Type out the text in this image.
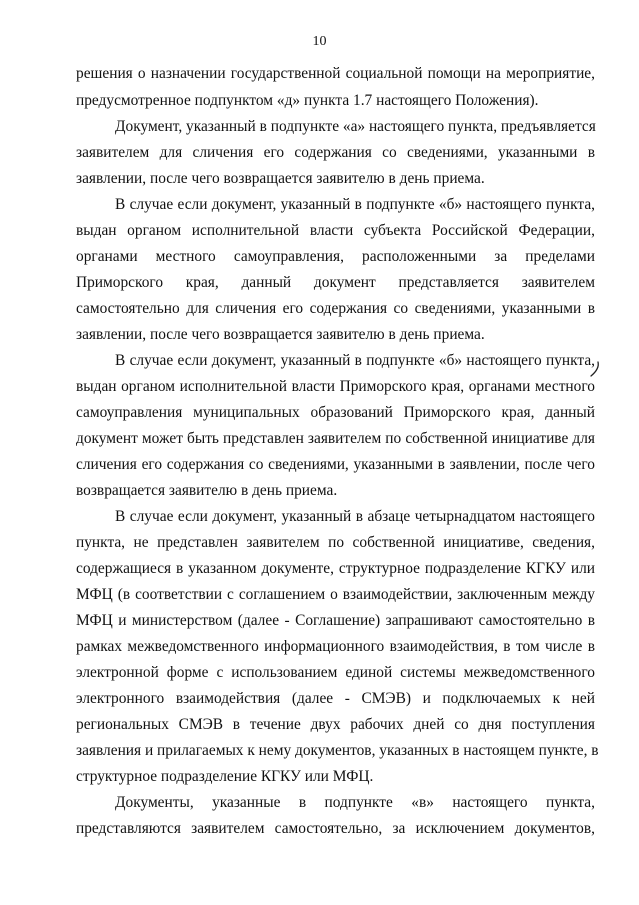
10
решения о назначении государственной социальной помощи на мероприятие,
предусмотренное подпунктом «д» пункта 1.7 настоящего Положения).
Документ, указанный в подпункте «а» настоящего пункта, предъявляется
заявителем для сличения его содержания со сведениями, указанными в
заявлении, после чего возвращается заявителю в день приема.
В случае если документ, указанный в подпункте «б» настоящего пункта,
выдан органом исполнительной власти субъекта Российской Федерации,
органами местного самоуправления, расположенными за пределами
Приморского края, данный документ представляется заявителем
самостоятельно для сличения его содержания со сведениями, указанными в
заявлении, после чего возвращается заявителю в день приема.
В случае если документ, указанный в подпункте «б» настоящего пункта,
выдан органом исполнительной власти Приморского края, органами местного
самоуправления муниципальных образований Приморского края, данный
документ может быть представлен заявителем по собственной инициативе для
сличения его содержания со сведениями, указанными в заявлении, после чего
возвращается заявителю в день приема.
В случае если документ, указанный в абзаце четырнадцатом настоящего
пункта, не представлен заявителем по собственной инициативе, сведения,
содержащиеся в указанном документе, структурное подразделение КГКУ или
МФЦ (в соответствии с соглашением о взаимодействии, заключенным между
МФЦ и министерством (далее - Соглашение) запрашивают самостоятельно в
рамках межведомственного информационного взаимодействия, в том числе в
электронной форме с использованием единой системы межведомственного
электронного взаимодействия (далее - СМЭВ) и подключаемых к ней
региональных СМЭВ в течение двух рабочих дней со дня поступления
заявления и прилагаемых к нему документов, указанных в настоящем пункте, в
структурное подразделение КГКУ или МФЦ.
Документы, указанные в подпункте «в» настоящего пункта,
представляются заявителем самостоятельно, за исключением документов,
